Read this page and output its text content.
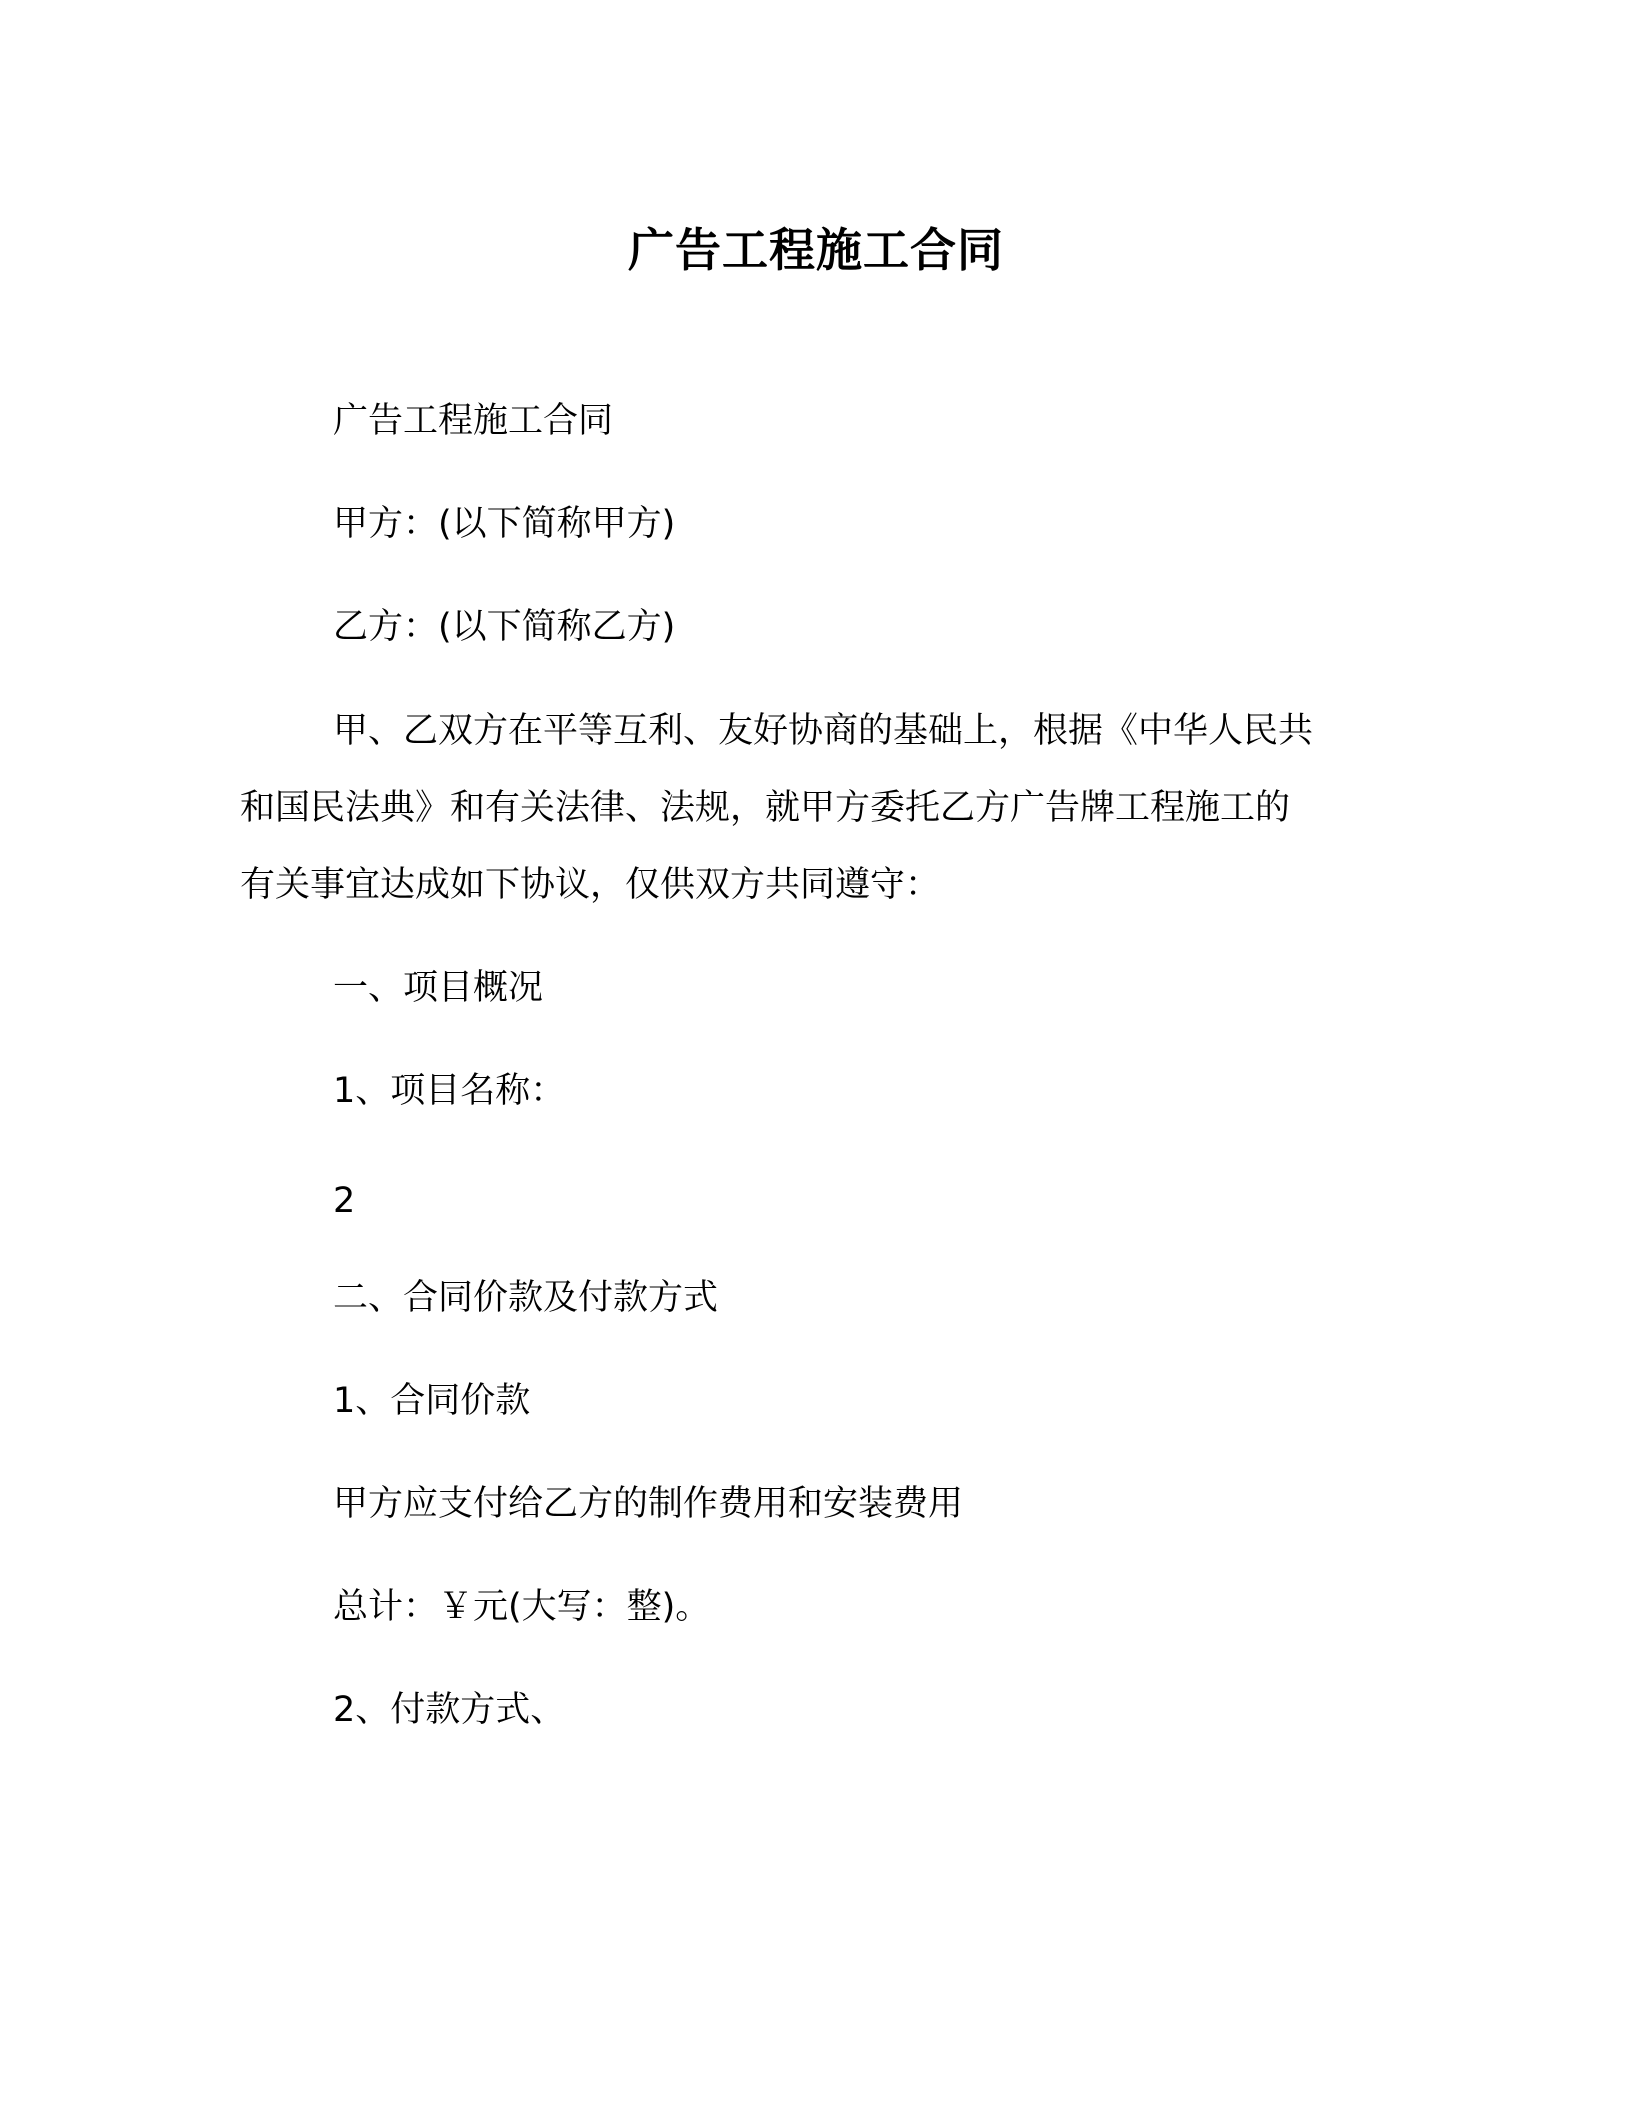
广告工程施工合同
广告工程施工合同
甲方：(以下简称甲方)
乙方：(以下简称乙方)
甲、乙双方在平等互利、友好协商的基础上，根据《中华人民共
和国民法典》和有关法律、法规，就甲方委托乙方广告牌工程施工的
有关事宜达成如下协议，仅供双方共同遵守：
一、项目概况
1、项目名称：
2
二、合同价款及付款方式
1、合同价款
甲方应支付给乙方的制作费用和安装费用
总计：￥元(大写：整)。
2、付款方式、
